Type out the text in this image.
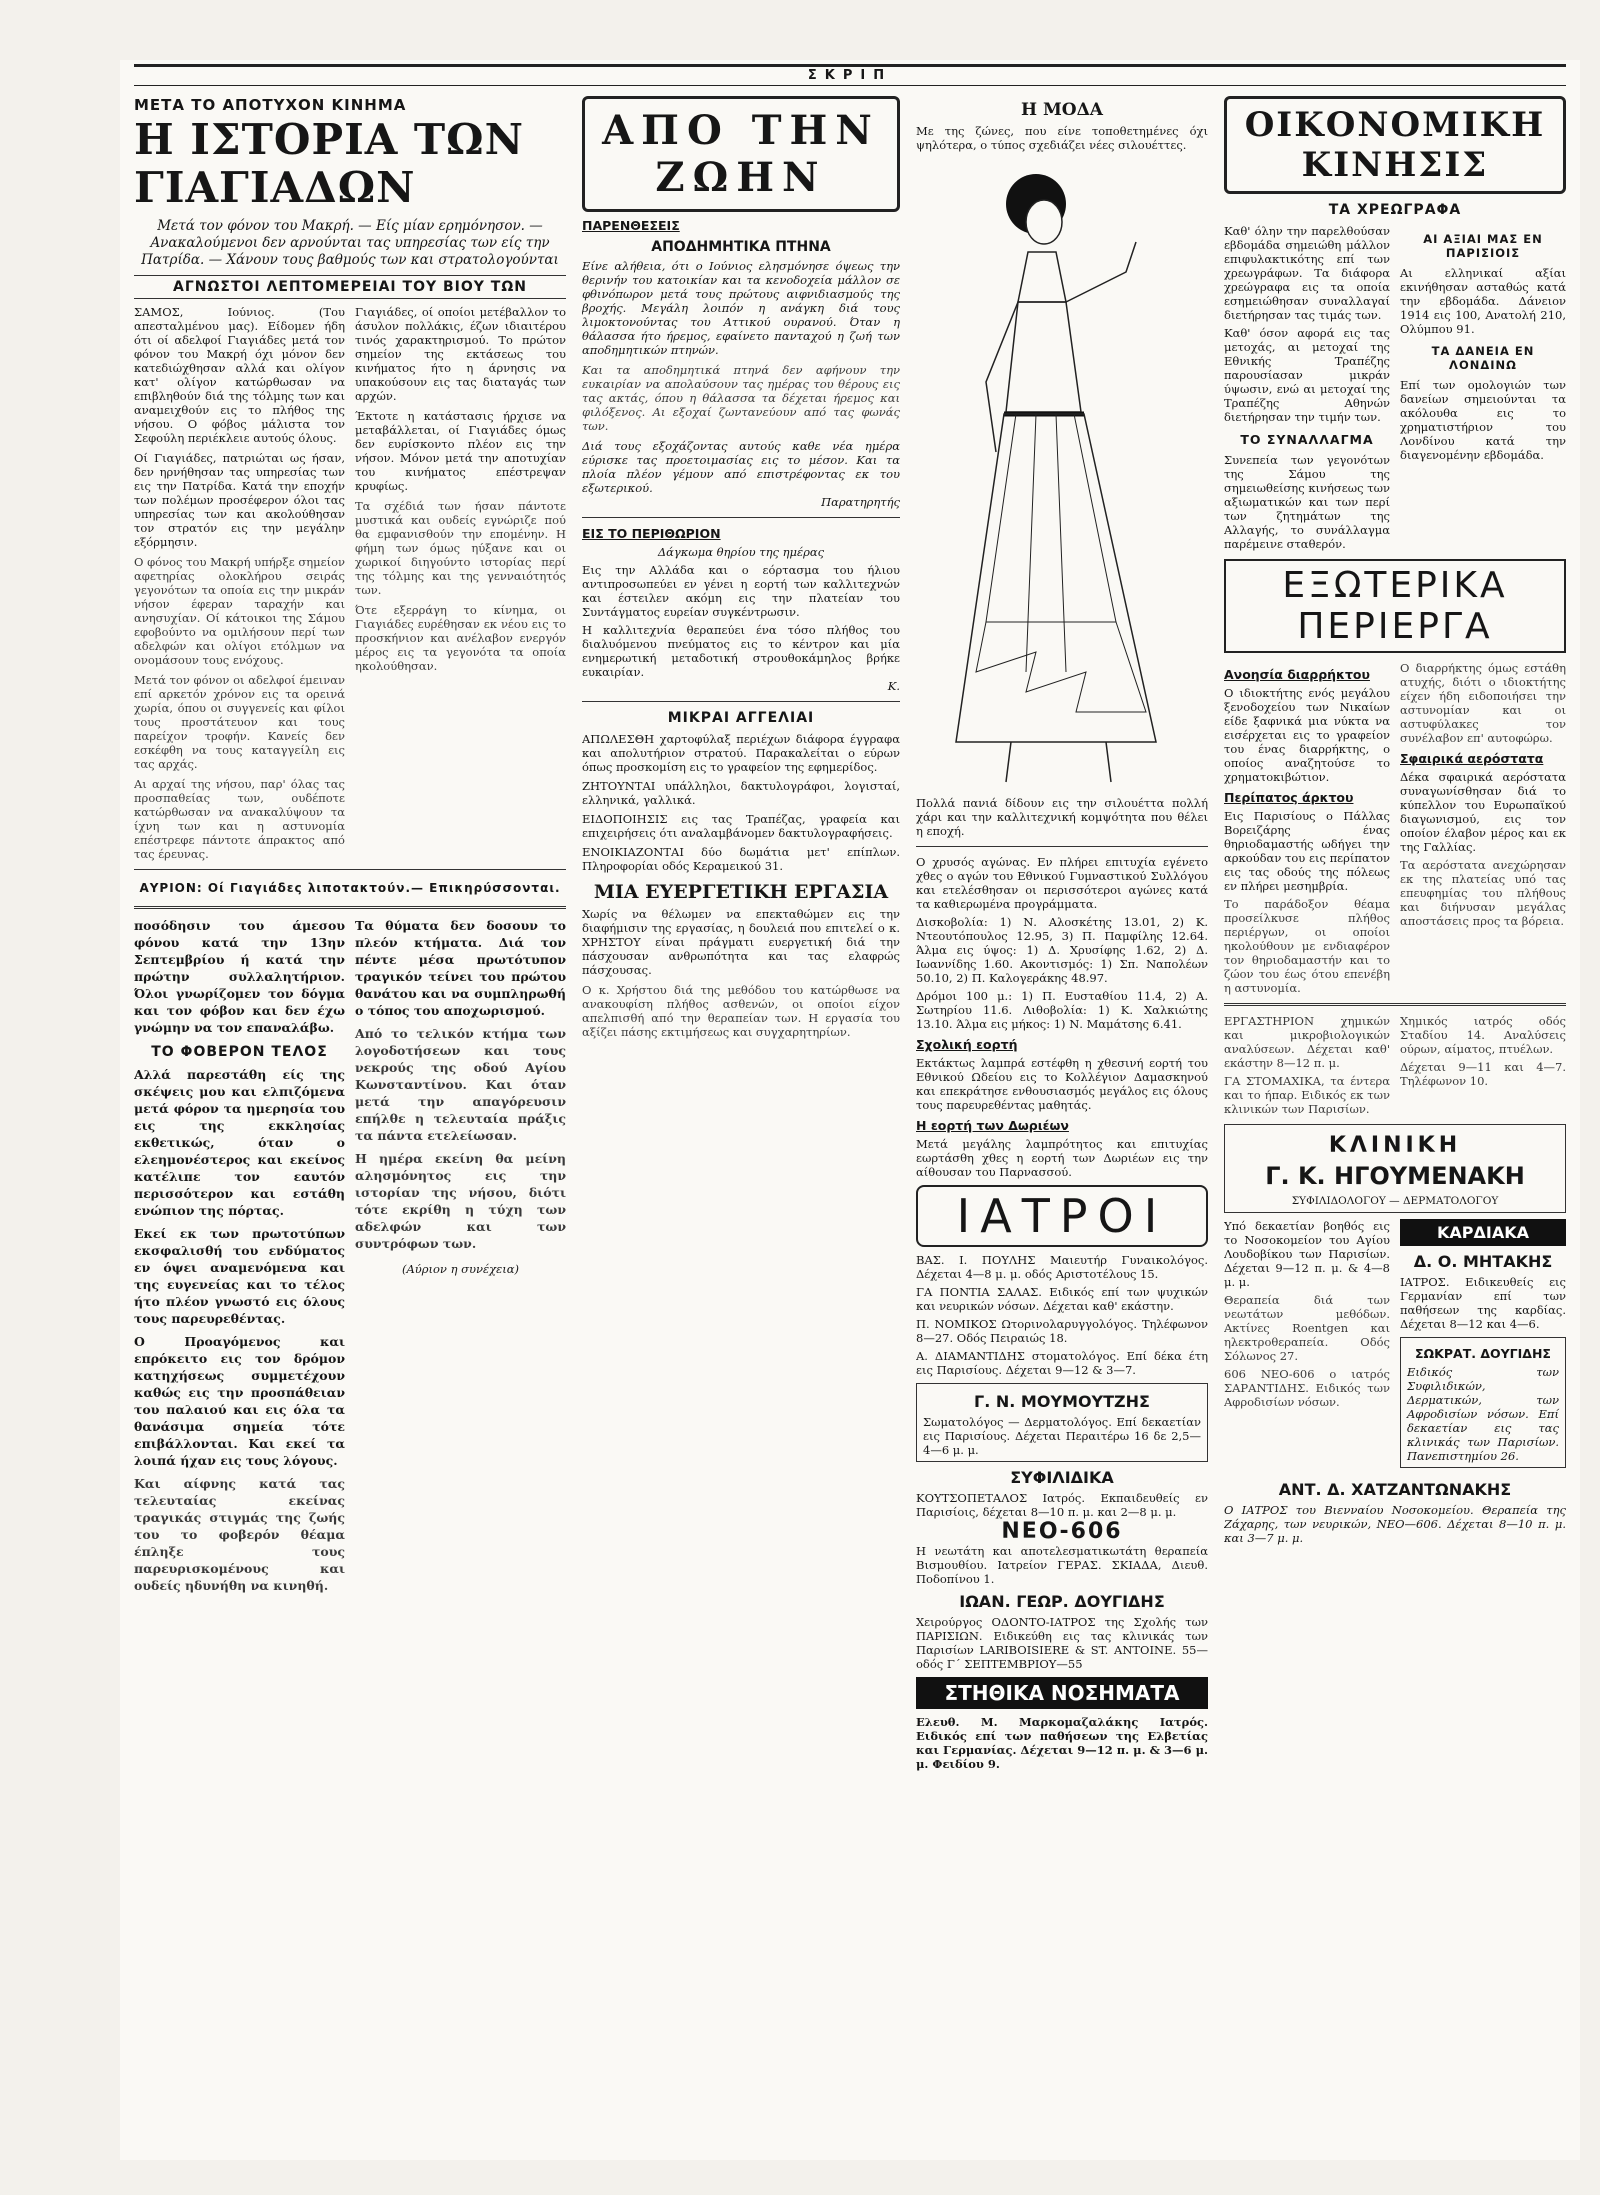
ΣΚΡΙΠ
ΜΕΤΑ ΤΟ ΑΠΟΤΥΧΟΝ ΚΙΝΗΜΑ
Η ΙΣΤΟΡΙΑ ΤΩΝ ΓΙΑΓΙΑΔΩΝ
Μετά τον φόνον του Μακρή. — Είς μίαν ερημόνησον. — Ανακαλούμενοι δεν αρνούνται τας υπηρεσίας των είς την Πατρίδα. — Χάνουν τους βαθμούς των και στρατολογούνται
ΑΓΝΩΣΤΟΙ ΛΕΠΤΟΜΕΡΕΙΑΙ ΤΟΥ ΒΙΟΥ ΤΩΝ

ΣΑΜΟΣ, Ιούνιος. (Του απεσταλμένου μας). Είδομεν ήδη ότι οί αδελφοί Γιαγιάδες μετά τον φόνον του Μακρή όχι μόνον δεν κατεδιώχθησαν αλλά και ολίγον κατ' ολίγον κατώρθωσαν να επιβληθούν διά της τόλμης των και αναμειχθούν εις το πλήθος της νήσου. Ο φόβος μάλιστα τον Σεφούλη περιέκλειε αυτούς όλους.

Οί Γιαγιάδες, πατριώται ως ήσαν, δεν ηρνήθησαν τας υπηρεσίας των εις την Πατρίδα. Κατά την εποχήν των πολέμων προσέφερον όλοι τας υπηρεσίας των και ακολούθησαν τον στρατόν εις την μεγάλην εξόρμησιν.

Ο φόνος του Μακρή υπήρξε σημείον αφετηρίας ολοκλήρου σειράς γεγονότων τα οποία εις την μικράν νήσον έφεραν ταραχήν και ανησυχίαν. Οί κάτοικοι της Σάμου εφοβούντο να ομιλήσουν περί των αδελφών και ολίγοι ετόλμων να ονομάσουν τους ενόχους.

Μετά τον φόνον οι αδελφοί έμειναν επί αρκετόν χρόνον εις τα ορεινά χωρία, όπου οι συγγενείς και φίλοι τους προστάτευον και τους παρείχον τροφήν. Κανείς δεν εσκέφθη να τους καταγγείλη εις τας αρχάς.

Αι αρχαί της νήσου, παρ' όλας τας προσπαθείας των, ουδέποτε κατώρθωσαν να ανακαλύψουν τα ίχνη των και η αστυνομία επέστρεφε πάντοτε άπρακτος από τας έρευνας.

Γιαγιάδες, οί οποίοι μετέβαλλον το άσυλον πολλάκις, έζων ιδιαιτέρου τινός χαρακτηρισμού. Το πρώτον σημείον της εκτάσεως του κινήματος ήτο η άρνησις να υπακούσουν εις τας διαταγάς των αρχών.

Έκτοτε η κατάστασις ήρχισε να μεταβάλλεται, οί Γιαγιάδες όμως δεν ευρίσκοντο πλέον εις την νήσον. Μόνον μετά την αποτυχίαν του κινήματος επέστρεψαν κρυφίως.

Τα σχέδιά των ήσαν πάντοτε μυστικά και ουδείς εγνώριζε πού θα εμφανισθούν την επομένην. Η φήμη των όμως ηύξανε και οι χωρικοί διηγούντο ιστορίας περί της τόλμης και της γενναιότητός των.

Ότε εξερράγη το κίνημα, οι Γιαγιάδες ευρέθησαν εκ νέου εις το προσκήνιον και ανέλαβον ενεργόν μέρος εις τα γεγονότα τα οποία ηκολούθησαν.

ΑΥΡΙΟΝ: Οί Γιαγιάδες λιποτακτούν.— Επικηρύσσονται.

ποσόδησιν του άμεσου φόνου κατά την 13ην Σεπτεμβρίου ή κατά την πρώτην συλλαλητήριον. Όλοι γνωρίζομεν τον δόγμα και τον φόβον και δεν έχω γνώμην να τον επαναλάβω.

ΤΟ ΦΟΒΕΡΟΝ ΤΕΛΟΣ

Αλλά παρεστάθη είς της σκέψεις μου και ελπιζόμενα μετά φόρον τα ημερησία του εις της εκκλησίας εκθετικώς, όταν ο ελεημονέστερος και εκείνος κατέλιπε τον εαυτόν περισσότερον και εστάθη ενώπιον της πόρτας.

Εκεί εκ των πρωτοτύπων εκσφαλισθή του ενδύματος εν όψει αναμενόμενα και της ευγενείας και το τέλος ήτο πλέον γνωστό εις όλους τους παρευρεθέντας.

Ο Προαγόμενος και επρόκειτο εις τον δρόμον κατηχήσεως συμμετέχουν καθώς εις την προσπάθειαν του παλαιού και εις όλα τα θανάσιμα σημεία τότε επιβάλλονται. Και εκεί τα λοιπά ήχαν εις τους λόγους.

Και αίφνης κατά τας τελευταίας εκείνας τραγικάς στιγμάς της ζωής του το φοβερόν θέαμα έπληξε τους παρευρισκομένους και ουδείς ηδυνήθη να κινηθή.

Τα θύματα δεν δοσουν το πλεόν κτήματα. Διά τον πέντε μέσα πρωτότυπον τραγικόν τείνει του πρώτου θανάτου και να συμπληρωθή ο τόπος του αποχωρισμού.

Από το τελικόν κτήμα των λογοδοτήσεων και τους νεκρούς της οδού Αγίου Κωνσταντίνου. Και όταν μετά την απαγόρευσιν επήλθε η τελευταία πράξις τα πάντα ετελείωσαν.

Η ημέρα εκείνη θα μείνη αλησμόνητος εις την ιστορίαν της νήσου, διότι τότε εκρίθη η τύχη των αδελφών και των συντρόφων των.

(Αύριον η συνέχεια)

ΑΠΟ ΤΗΝ ΖΩΗΝ
ΠΑΡΕΝΘΕΣΕΙΣ
ΑΠΟΔΗΜΗΤΙΚΑ ΠΤΗΝΑ

Είνε αλήθεια, ότι ο Ιούνιος ελησμόνησε όψεως την θερινήν του κατοικίαν και τα κενοδοχεία μάλλον σε φθινόπωρον μετά τους πρώτους αιφνιδιασμούς της βροχής. Μεγάλη λοιπόν η ανάγκη διά τους λιμοκτονούντας του Αττικού ουρανού. Όταν η θάλασσα ήτο ήρεμος, εφαίνετο πανταχού η ζωή των αποδημητικών πτηνών.

Και τα αποδημητικά πτηνά δεν αφήνουν την ευκαιρίαν να απολαύσουν τας ημέρας του θέρους εις τας ακτάς, όπου η θάλασσα τα δέχεται ήρεμος και φιλόξενος. Αι εξοχαί ζωντανεύουν από τας φωνάς των.

Διά τους εξοχάζοντας αυτούς καθε νέα ημέρα εύρισκε τας προετοιμασίας εις το μέσον. Και τα πλοία πλέον γέμουν από επιστρέφοντας εκ του εξωτερικού.

Παρατηρητής
ΕΙΣ ΤΟ ΠΕΡΙΘΩΡΙΟΝ
Δάγκωμα θηρίου της ημέρας

Εις την Αλλάδα και ο εόρτασμα του ήλιου αντιπροσωπεύει εν γένει η εορτή των καλλιτεχνών και έστειλεν ακόμη εις την πλατείαν του Συντάγματος ευρείαν συγκέντρωσιν.

Η καλλιτεχνία θεραπεύει ένα τόσο πλήθος του διαλυόμενου πνεύματος εις το κέντρον και μία ενημερωτική μεταδοτική στρουθοκάμηλος βρήκε ευκαιρίαν.

Κ.
ΜΙΚΡΑΙ ΑΓΓΕΛΙΑΙ

ΑΠΩΛΕΣΘΗ χαρτοφύλαξ περιέχων διάφορα έγγραφα και απολυτήριον στρατού. Παρακαλείται ο εύρων όπως προσκομίση εις το γραφείον της εφημερίδος.

ΖΗΤΟΥΝΤΑΙ υπάλληλοι, δακτυλογράφοι, λογισταί, ελληνικά, γαλλικά.

ΕΙΔΟΠΟΙΗΣΙΣ εις τας Τραπέζας, γραφεία και επιχειρήσεις ότι αναλαμβάνομεν δακτυλογραφήσεις.

ΕΝΟΙΚΙΑΖΟΝΤΑΙ δύο δωμάτια μετ' επίπλων. Πληροφορίαι οδός Κεραμεικού 31.

ΜΙΑ ΕΥΕΡΓΕΤΙΚΗ ΕΡΓΑΣΙΑ

Χωρίς να θέλωμεν να επεκταθώμεν εις την διαφήμισιν της εργασίας, η δουλειά που επιτελεί ο κ. ΧΡΗΣΤΟΥ είναι πράγματι ευεργετική διά την πάσχουσαν ανθρωπότητα και τας ελαφρώς πάσχουσας.

Ο κ. Χρήστου διά της μεθόδου του κατώρθωσε να ανακουφίση πλήθος ασθενών, οι οποίοι είχον απελπισθή από την θεραπείαν των. Η εργασία του αξίζει πάσης εκτιμήσεως και συγχαρητηρίων.

Η ΜΟΔΑ

Με της ζώνες, που είνε τοποθετημένες όχι ψηλότερα, ο τύπος σχεδιάζει νέες σιλουέττες.

Πολλά πανιά δίδουν εις την σιλουέττα πολλή χάρι και την καλλιτεχνική κομψότητα που θέλει η εποχή.

Ο χρυσός αγώνας. Εν πλήρει επιτυχία εγένετο χθες ο αγών του Εθνικού Γυμναστικού Συλλόγου και ετελέσθησαν οι περισσότεροι αγώνες κατά τα καθιερωμένα προγράμματα.

Δισκοβολία: 1) Ν. Αλοσκέτης 13.01, 2) Κ. Ντεουτόπουλος 12.95, 3) Π. Παμφίλης 12.64. Άλμα εις ύψος: 1) Δ. Χρυσίφης 1.62, 2) Δ. Ιωαννίδης 1.60. Ακοντισμός: 1) Σπ. Ναπολέων 50.10, 2) Π. Καλογεράκης 48.97.

Δρόμοι 100 μ.: 1) Π. Ευσταθίου 11.4, 2) Α. Σωτηρίου 11.6. Λιθοβολία: 1) Κ. Χαλκιώτης 13.10. Άλμα εις μήκος: 1) Ν. Μαμάτσης 6.41.

Σχολική εορτή

Εκτάκτως λαμπρά εστέφθη η χθεσινή εορτή του Εθνικού Ωδείου εις το Κολλέγιον Δαμασκηνού και επεκράτησε ενθουσιασμός μεγάλος εις όλους τους παρευρεθέντας μαθητάς.

Η εορτή των Δωριέων

Μετά μεγάλης λαμπρότητος και επιτυχίας εωρτάσθη χθες η εορτή των Δωριέων εις την αίθουσαν του Παρνασσού.

ΙΑΤΡΟΙ

ΒΑΣ. Ι. ΠΟΥΛΗΣ Μαιευτήρ Γυναικολόγος. Δέχεται 4—8 μ. μ. οδός Αριστοτέλους 15.

ΓΑ ΠΟΝΤΙΑ ΣΑΛΑΣ. Ειδικός επί των ψυχικών και νευρικών νόσων. Δέχεται καθ' εκάστην.

Π. ΝΟΜΙΚΟΣ Ωτορινολαρυγγολόγος. Τηλέφωνον 8—27. Οδός Πειραιώς 18.

Α. ΔΙΑΜΑΝΤΙΔΗΣ στοματολόγος. Επί δέκα έτη εις Παρισίους. Δέχεται 9—12 & 3—7.

Γ. Ν. ΜΟΥΜΟΥΤΖΗΣ

Σωματολόγος — Δερματολόγος. Επί δεκαετίαν εις Παρισίους. Δέχεται Περαιτέρω 16 δε 2,5—4—6 μ. μ.

ΣΥΦΙΛΙΔΙΚΑ

ΚΟΥΤΣΟΠΕΤΑΛΟΣ Ιατρός. Εκπαιδευθείς εν Παρισίοις, δέχεται 8—10 π. μ. και 2—8 μ. μ.

ΝΕΟ-606

Η νεωτάτη και αποτελεσματικωτάτη θεραπεία Βισμουθίου. Ιατρείον ΓΕΡΑΣ. ΣΚΙΑΔΑ, Διευθ. Ποδοπίνου 1.

ΙΩΑΝ. ΓΕΩΡ. ΔΟΥΓΙΔΗΣ

Χειρούργος ΟΔΟΝΤΟ-ΙΑΤΡΟΣ της Σχολής των ΠΑΡΙΣΙΩΝ. Ειδικεύθη εις τας κλινικάς των Παρισίων LARIBOISIERE & ST. ANTOINE. 55—οδός Γ΄ ΣΕΠΤΕΜΒΡΙΟΥ—55

ΣΤΗΘΙΚΑ ΝΟΣΗΜΑΤΑ

Ελευθ. Μ. Μαρκομαζαλάκης Ιατρός. Ειδικός επί των παθήσεων της Ελβετίας και Γερμανίας. Δέχεται 9—12 π. μ. & 3—6 μ. μ. Φειδίου 9.

ΟΙΚΟΝΟΜΙΚΗ ΚΙΝΗΣΙΣ
ΤΑ ΧΡΕΩΓΡΑΦΑ

Καθ' όλην την παρελθούσαν εβδομάδα σημειώθη μάλλον επιφυλακτικότης επί των χρεωγράφων. Τα διάφορα χρεώγραφα εις τα οποία εσημειώθησαν συναλλαγαί διετήρησαν τας τιμάς των.

Καθ' όσον αφορά εις τας μετοχάς, αι μετοχαί της Εθνικής Τραπέζης παρουσίασαν μικράν ύψωσιν, ενώ αι μετοχαί της Τραπέζης Αθηνών διετήρησαν την τιμήν των.

ΤΟ ΣΥΝΑΛΛΑΓΜΑ

Συνεπεία των γεγονότων της Σάμου της σημειωθείσης κινήσεως των αξιωματικών και των περί των ζητημάτων της Αλλαγής, το συνάλλαγμα παρέμεινε σταθερόν.

ΑΙ ΑΞΙΑΙ ΜΑΣ ΕΝ ΠΑΡΙΣΙΟΙΣ

Αι ελληνικαί αξίαι εκινήθησαν ασταθώς κατά την εβδομάδα. Δάνειον 1914 εις 100, Ανατολή 210, Ολύμπου 91.

ΤΑ ΔΑΝΕΙΑ ΕΝ ΛΟΝΔΙΝΩ

Επί των ομολογιών των δανείων σημειούνται τα ακόλουθα εις το χρηματιστήριον του Λονδίνου κατά την διαγενομένην εβδομάδα.

ΕΞΩΤΕΡΙΚΑ ΠΕΡΙΕΡΓΑ
Ανοησία διαρρήκτου

Ο ιδιοκτήτης ενός μεγάλου ξενοδοχείου των Νικαίων είδε ξαφνικά μια νύκτα να εισέρχεται εις το γραφείον του ένας διαρρήκτης, ο οποίος αναζητούσε το χρηματοκιβώτιον.

Περίπατος άρκτου

Εις Παρισίους ο Πάλλας Βορειζάρης ένας θηριοδαμαστής ωδήγει την αρκούδαν του εις περίπατον εις τας οδούς της πόλεως εν πλήρει μεσημβρία.

Το παράδοξον θέαμα προσείλκυσε πλήθος περιέργων, οι οποίοι ηκολούθουν με ενδιαφέρον τον θηριοδαμαστήν και το ζώον του έως ότου επενέβη η αστυνομία.

Ο διαρρήκτης όμως εστάθη ατυχής, διότι ο ιδιοκτήτης είχεν ήδη ειδοποιήσει την αστυνομίαν και οι αστυφύλακες τον συνέλαβον επ' αυτοφώρω.

Σφαιρικά αερόστατα

Δέκα σφαιρικά αερόστατα συναγωνίσθησαν διά το κύπελλον του Ευρωπαϊκού διαγωνισμού, εις τον οποίον έλαβον μέρος και εκ της Γαλλίας.

Τα αερόστατα ανεχώρησαν εκ της πλατείας υπό τας επευφημίας του πλήθους και διήνυσαν μεγάλας αποστάσεις προς τα βόρεια.

ΕΡΓΑΣΤΗΡΙΟΝ χημικών και μικροβιολογικών αναλύσεων. Δέχεται καθ' εκάστην 8—12 π. μ.

ΓΑ ΣΤΟΜΑΧΙΚΑ, τα έντερα και το ήπαρ. Ειδικός εκ των κλινικών των Παρισίων.

Χημικός ιατρός οδός Σταδίου 14. Αναλύσεις ούρων, αίματος, πτυέλων.

Δέχεται 9—11 και 4—7. Τηλέφωνον 10.

ΚΛΙΝΙΚΗ
Γ. Κ. ΗΓΟΥΜΕΝΑΚΗ
ΣΥΦΙΛΙΔΟΛΟΓΟΥ — ΔΕΡΜΑΤΟΛΟΓΟΥ

Υπό δεκαετίαν βοηθός εις το Νοσοκομείον του Αγίου Λουδοβίκου των Παρισίων. Δέχεται 9—12 π. μ. & 4—8 μ. μ.

Θεραπεία διά των νεωτάτων μεθόδων. Ακτίνες Roentgen και ηλεκτροθεραπεία. Οδός Σόλωνος 27.

606 ΝΕΟ-606 ο ιατρός ΣΑΡΑΝΤΙΔΗΣ. Ειδικός των Αφροδισίων νόσων.

ΚΑΡΔΙΑΚΑ
Δ. Ο. ΜΗΤΑΚΗΣ

ΙΑΤΡΟΣ. Ειδικευθείς εις Γερμανίαν επί των παθήσεων της καρδίας. Δέχεται 8—12 και 4—6.

ΣΩΚΡΑΤ. ΔΟΥΓΙΔΗΣ

Ειδικός των Συφιλιδικών, Δερματικών, των Αφροδισίων νόσων. Επί δεκαετίαν εις τας κλινικάς των Παρισίων. Πανεπιστημίου 26.

ΑΝΤ. Δ. ΧΑΤΖΑΝΤΩΝΑΚΗΣ

Ο ΙΑΤΡΟΣ του Βιενναίου Νοσοκομείου. Θεραπεία της Ζάχαρης, των νευρικών, ΝΕΟ—606. Δέχεται 8—10 π. μ. και 3—7 μ. μ.
